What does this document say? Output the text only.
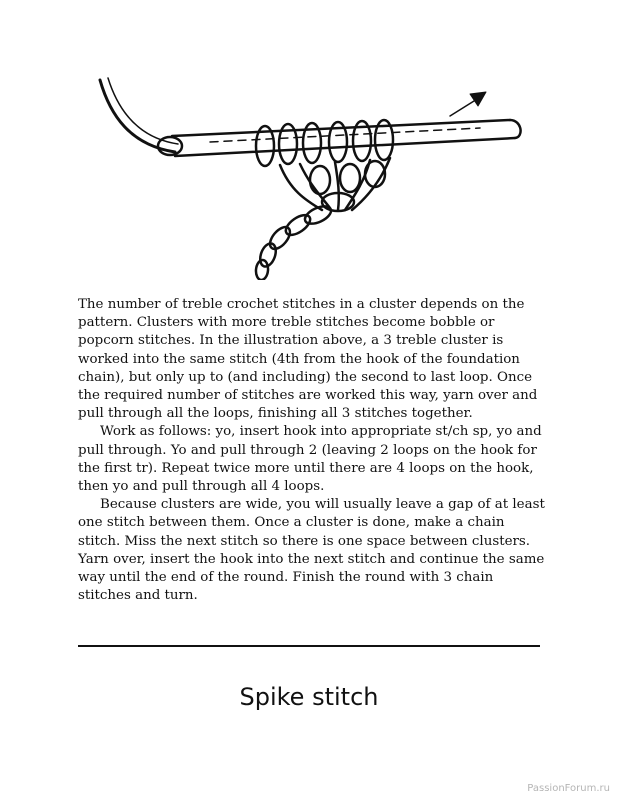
The number of treble crochet stitches in a cluster depends on the pattern. Clusters with more treble stitches become bobble or popcorn stitches. In the illustration above, a 3 treble cluster is worked into the same stitch (4th from the hook of the foundation chain), but only up to (and including) the second to last loop. Once the required number of stitches are worked this way, yarn over and pull through all the loops, finishing all 3 stitches together.

Work as follows: yo, insert hook into appropriate st/ch sp, yo and pull through. Yo and pull through 2 (leaving 2 loops on the hook for the first tr). Repeat twice more until there are 4 loops on the hook, then yo and pull through all 4 loops.

Because clusters are wide, you will usually leave a gap of at least one stitch between them. Once a cluster is done, make a chain stitch. Miss the next stitch so there is one space between clusters. Yarn over, insert the hook into the next stitch and continue the same way until the end of the round. Finish the round with 3 chain stitches and turn.

Spike stitch
PassionForum.ru
